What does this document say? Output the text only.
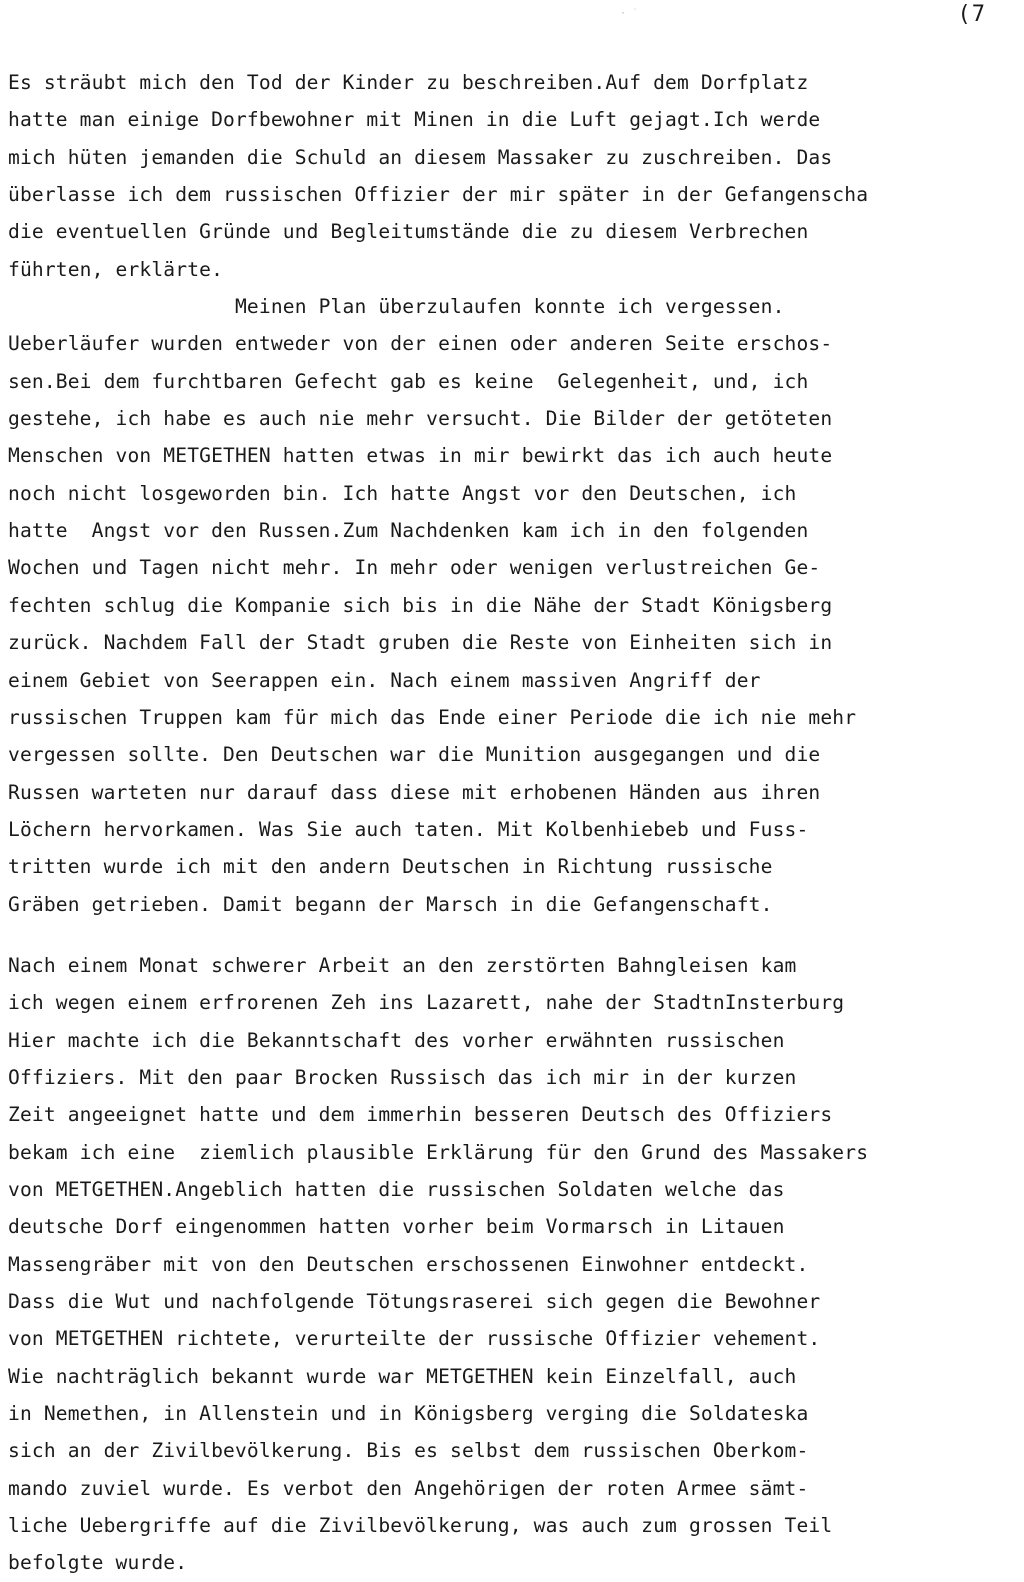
(7
· ˙
Es sträubt mich den Tod der Kinder zu beschreiben.Auf dem Dorfplatz
hatte man einige Dorfbewohner mit Minen in die Luft gejagt.Ich werde
mich hüten jemanden die Schuld an diesem Massaker zu zuschreiben. Das
überlasse ich dem russischen Offizier der mir später in der Gefangenscha
die eventuellen Gründe und Begleitumstände die zu diesem Verbrechen
führten, erklärte.
Meinen Plan überzulaufen konnte ich vergessen.
Ueberläufer wurden entweder von der einen oder anderen Seite erschos-
sen.Bei dem furchtbaren Gefecht gab es keine  Gelegenheit, und, ich
gestehe, ich habe es auch nie mehr versucht. Die Bilder der getöteten
Menschen von METGETHEN hatten etwas in mir bewirkt das ich auch heute
noch nicht losgeworden bin. Ich hatte Angst vor den Deutschen, ich
hatte  Angst vor den Russen.Zum Nachdenken kam ich in den folgenden
Wochen und Tagen nicht mehr. In mehr oder wenigen verlustreichen Ge-
fechten schlug die Kompanie sich bis in die Nähe der Stadt Königsberg
zurück. Nachdem Fall der Stadt gruben die Reste von Einheiten sich in
einem Gebiet von Seerappen ein. Nach einem massiven Angriff der
russischen Truppen kam für mich das Ende einer Periode die ich nie mehr
vergessen sollte. Den Deutschen war die Munition ausgegangen und die
Russen warteten nur darauf dass diese mit erhobenen Händen aus ihren
Löchern hervorkamen. Was Sie auch taten. Mit Kolbenhiebeb und Fuss-
tritten wurde ich mit den andern Deutschen in Richtung russische
Gräben getrieben. Damit begann der Marsch in die Gefangenschaft.
Nach einem Monat schwerer Arbeit an den zerstörten Bahngleisen kam
ich wegen einem erfrorenen Zeh ins Lazarett, nahe der StadtnInsterburg
Hier machte ich die Bekanntschaft des vorher erwähnten russischen
Offiziers. Mit den paar Brocken Russisch das ich mir in der kurzen
Zeit angeeignet hatte und dem immerhin besseren Deutsch des Offiziers
bekam ich eine  ziemlich plausible Erklärung für den Grund des Massakers
von METGETHEN.Angeblich hatten die russischen Soldaten welche das
deutsche Dorf eingenommen hatten vorher beim Vormarsch in Litauen
Massengräber mit von den Deutschen erschossenen Einwohner entdeckt.
Dass die Wut und nachfolgende Tötungsraserei sich gegen die Bewohner
von METGETHEN richtete, verurteilte der russische Offizier vehement.
Wie nachträglich bekannt wurde war METGETHEN kein Einzelfall, auch
in Nemethen, in Allenstein und in Königsberg verging die Soldateska
sich an der Zivilbevölkerung. Bis es selbst dem russischen Oberkom-
mando zuviel wurde. Es verbot den Angehörigen der roten Armee sämt-
liche Uebergriffe auf die Zivilbevölkerung, was auch zum grossen Teil
befolgte wurde.
